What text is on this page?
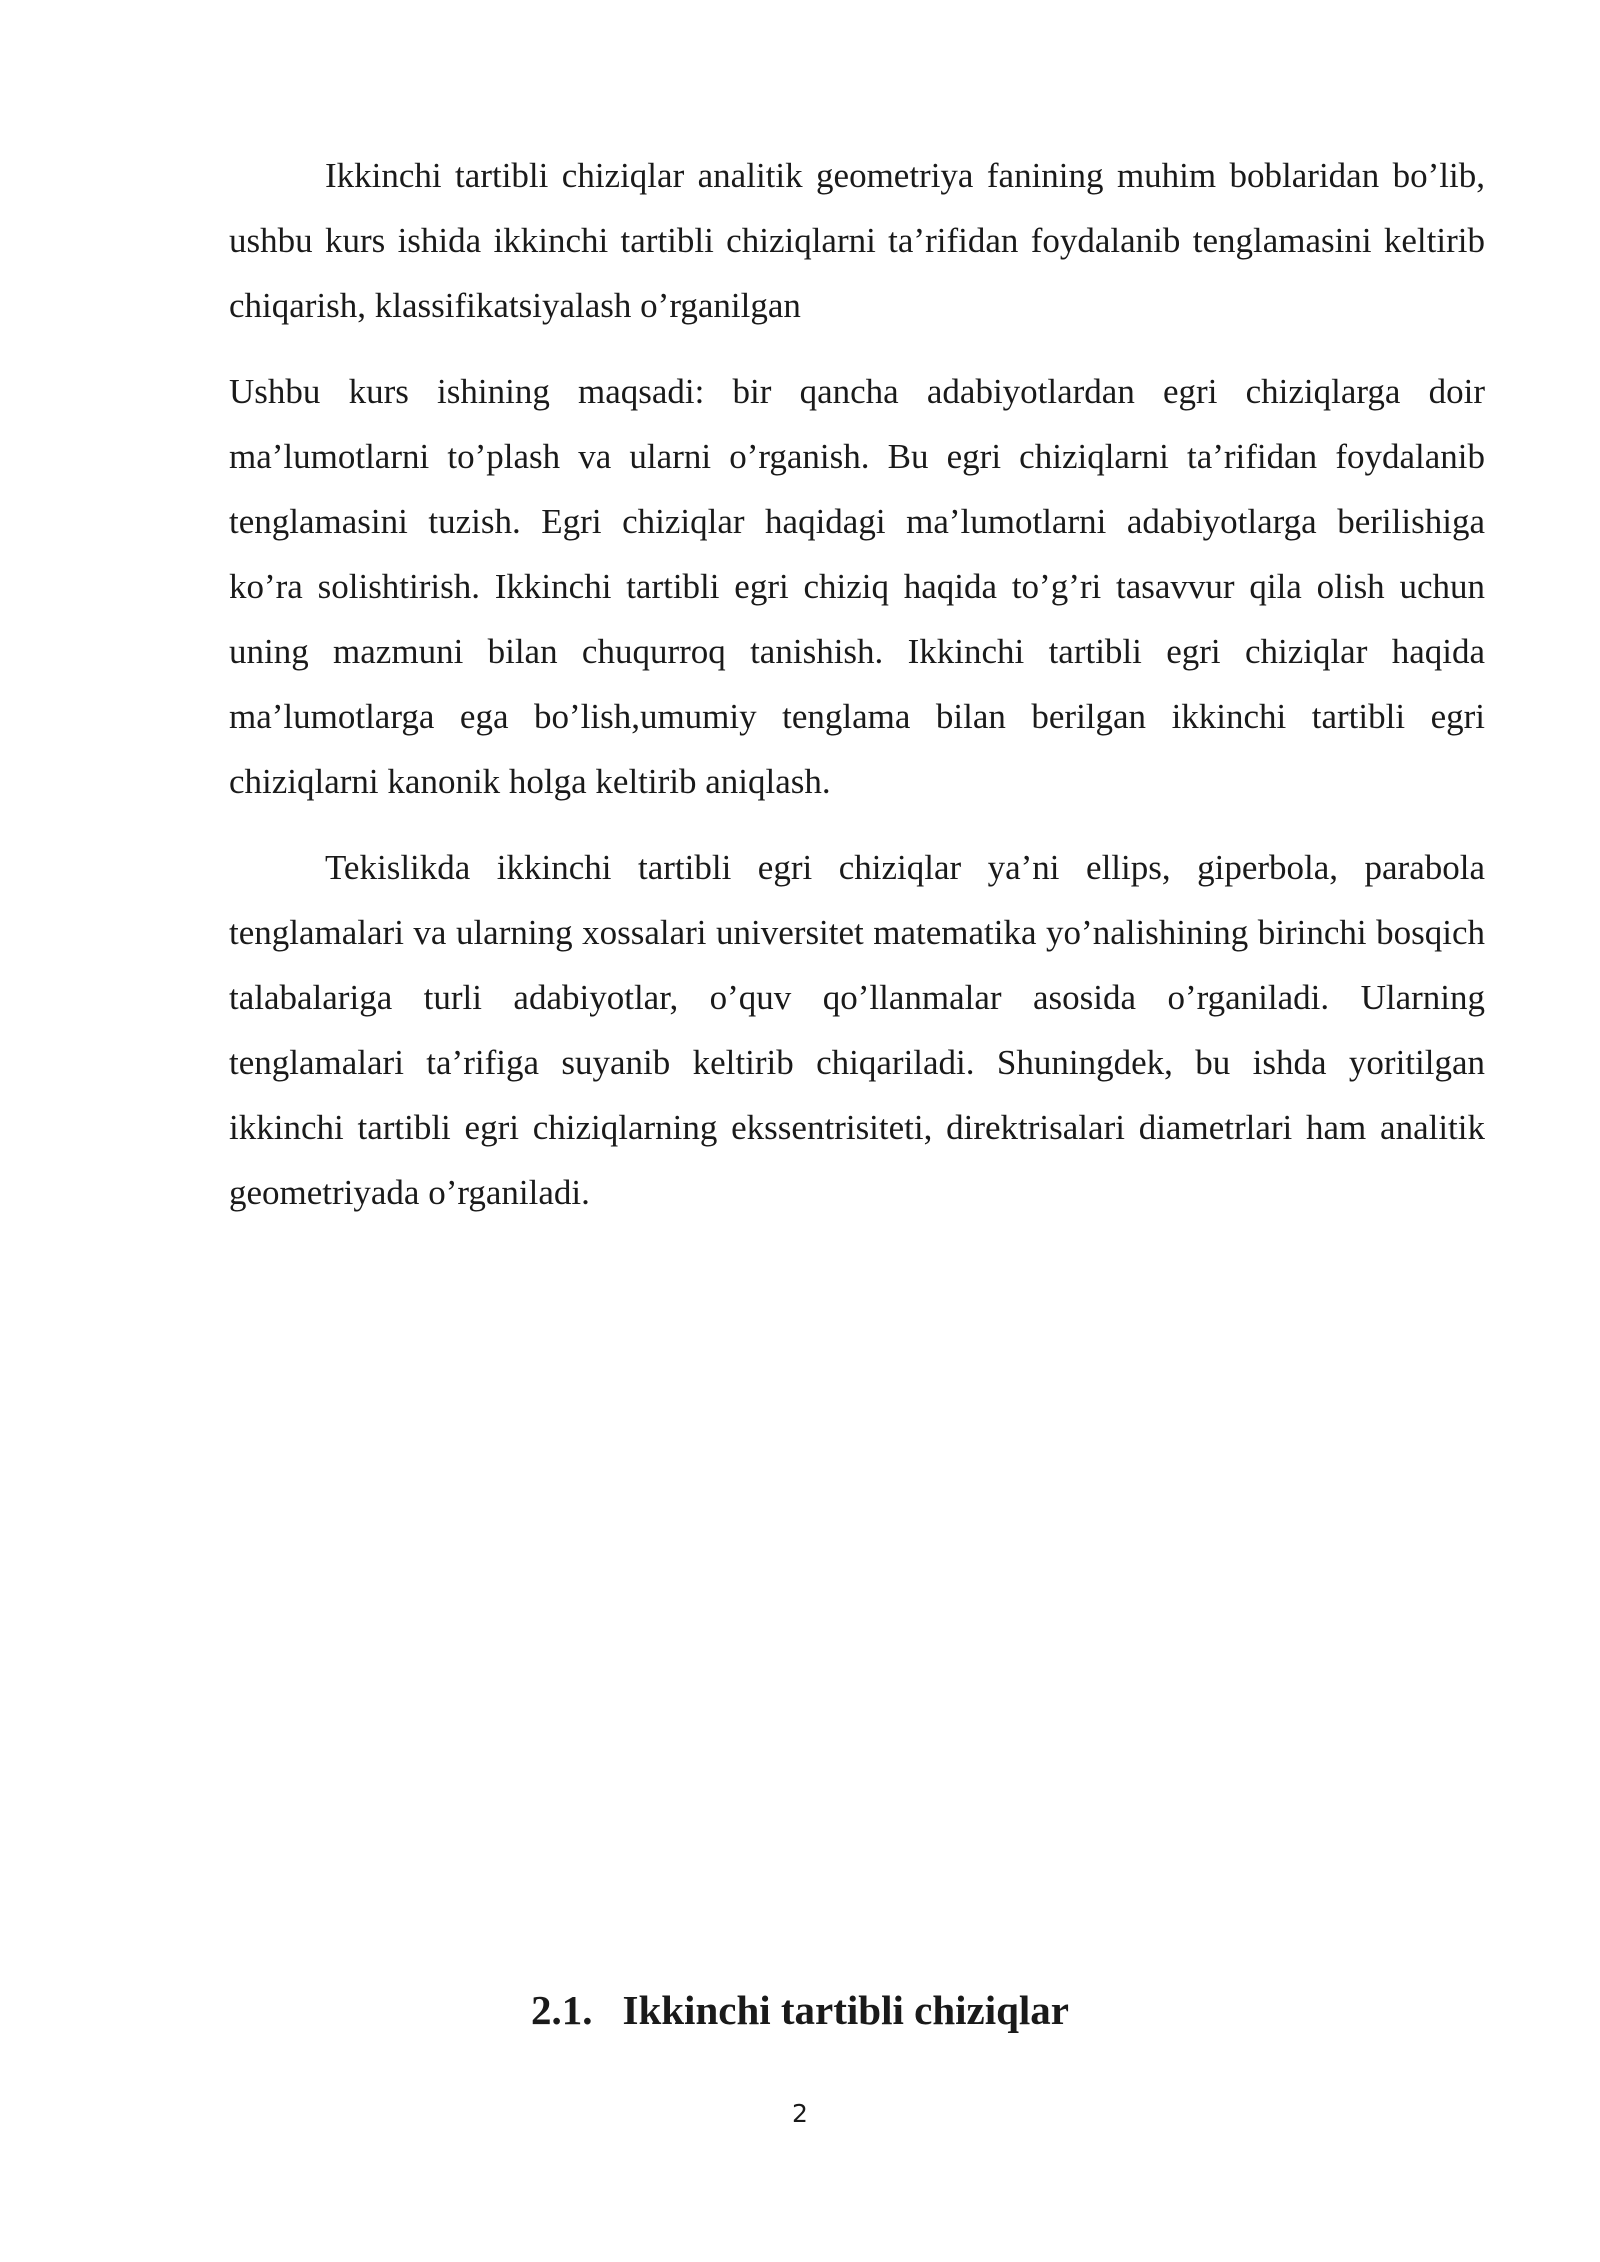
Ikkinchi tartibli chiziqlar analitik geometriya fanining muhim boblaridan bo’lib, ushbu kurs ishida ikkinchi tartibli chiziqlarni ta’rifidan foydalanib tenglamasini keltirib chiqarish, klassifikatsiyalash o’rganilgan

Ushbu kurs ishining maqsadi: bir qancha adabiyotlardan egri chiziqlarga doir ma’lumotlarni to’plash va ularni o’rganish. Bu egri chiziqlarni ta’rifidan foydalanib tenglamasini tuzish. Egri chiziqlar haqidagi ma’lumotlarni adabiyotlarga berilishiga ko’ra solishtirish. Ikkinchi tartibli egri chiziq haqida to’g’ri tasavvur qila olish uchun uning mazmuni bilan chuqurroq tanishish. Ikkinchi tartibli egri chiziqlar haqida ma’lumotlarga ega bo’lish,umumiy tenglama bilan berilgan ikkinchi tartibli egri chiziqlarni kanonik holga keltirib aniqlash.

Tekislikda ikkinchi tartibli egri chiziqlar ya’ni ellips, giperbola, parabola tenglamalari va ularning xossalari universitet matematika yo’nalishining birinchi bosqich talabalariga turli adabiyotlar, o’quv qo’llanmalar asosida o’rganiladi. Ularning tenglamalari ta’rifiga suyanib keltirib chiqariladi. Shuningdek, bu ishda yoritilgan ikkinchi tartibli egri chiziqlarning ekssentrisiteti, direktrisalari diametrlari ham analitik geometriyada o’rganiladi.

2.1. Ikkinchi tartibli chiziqlar
2
